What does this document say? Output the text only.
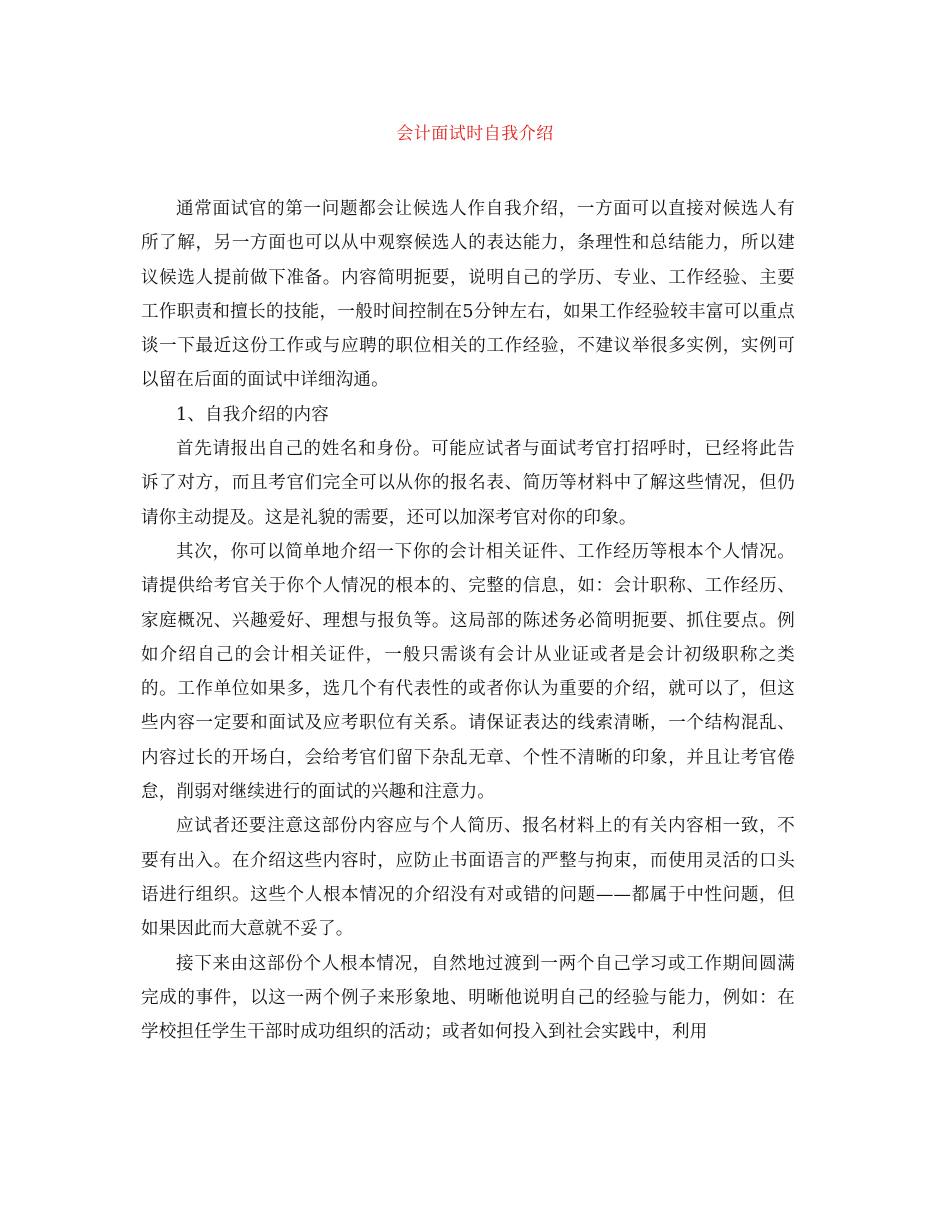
会计面试时自我介绍

通常面试官的第一问题都会让候选人作自我介绍，一方面可以直接对候选人有所了解，另一方面也可以从中观察候选人的表达能力，条理性和总结能力，所以建议候选人提前做下准备。内容简明扼要，说明自己的学历、专业、工作经验、主要工作职责和擅长的技能，一般时间控制在5分钟左右，如果工作经验较丰富可以重点谈一下最近这份工作或与应聘的职位相关的工作经验，不建议举很多实例，实例可以留在后面的面试中详细沟通。

1、自我介绍的内容

首先请报出自己的姓名和身份。可能应试者与面试考官打招呼时，已经将此告诉了对方，而且考官们完全可以从你的报名表、简历等材料中了解这些情况，但仍请你主动提及。这是礼貌的需要，还可以加深考官对你的印象。

其次，你可以简单地介绍一下你的会计相关证件、工作经历等根本个人情况。请提供给考官关于你个人情况的根本的、完整的信息，如：会计职称、工作经历、家庭概况、兴趣爱好、理想与报负等。这局部的陈述务必简明扼要、抓住要点。例如介绍自己的会计相关证件，一般只需谈有会计从业证或者是会计初级职称之类的。工作单位如果多，选几个有代表性的或者你认为重要的介绍，就可以了，但这些内容一定要和面试及应考职位有关系。请保证表达的线索清晰，一个结构混乱、内容过长的开场白，会给考官们留下杂乱无章、个性不清晰的印象，并且让考官倦怠，削弱对继续进行的面试的兴趣和注意力。

应试者还要注意这部份内容应与个人简历、报名材料上的有关内容相一致，不要有出入。在介绍这些内容时，应防止书面语言的严整与拘束，而使用灵活的口头语进行组织。这些个人根本情况的介绍没有对或错的问题——都属于中性问题，但如果因此而大意就不妥了。

接下来由这部份个人根本情况，自然地过渡到一两个自己学习或工作期间圆满完成的事件，以这一两个例子来形象地、明晰他说明自己的经验与能力，例如：在学校担任学生干部时成功组织的活动；或者如何投入到社会实践中，利用
